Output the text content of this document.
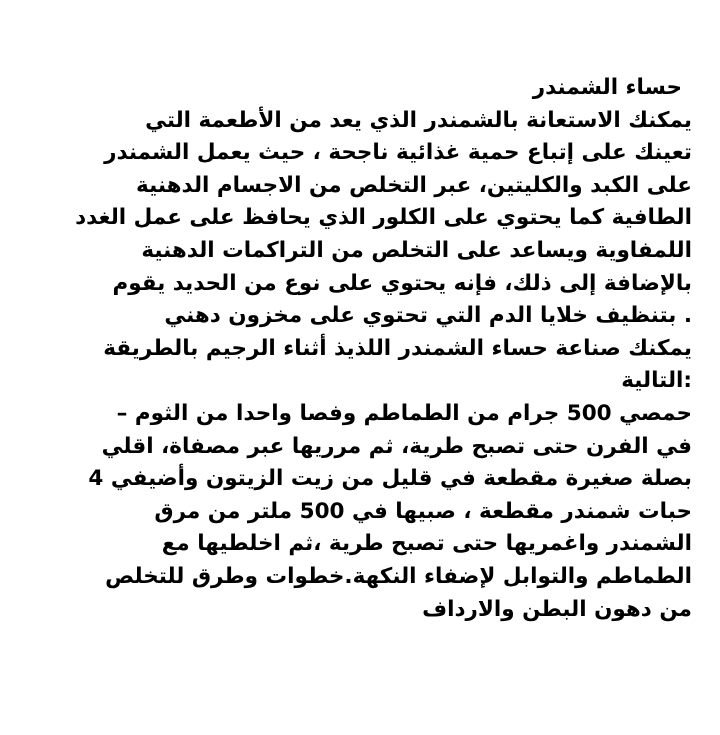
حساء الشمندر
يمكنك الاستعانة بالشمندر الذي يعد من الأطعمة التي
تعينك على إتباع حمية غذائية ناجحة ، حيث يعمل الشمندر
على الكبد والكليتين، عبر التخلص من الاجسام الدهنية
الطافية كما يحتوي على الكلور الذي يحافظ على عمل الغدد
اللمفاوية ويساعد على التخلص من التراكمات الدهنية
بالإضافة إلى ذلك، فإنه يحتوي على نوع من الحديد يقوم
. بتنظيف خلايا الدم التي تحتوي على مخزون دهني
يمكنك صناعة حساء الشمندر اللذيذ أثناء الرجيم بالطريقة
:التالية
حمصي 500 جرام من الطماطم وفصا واحدا من الثوم –
في الفرن حتى تصبح طرية، ثم مرريها عبر مصفاة، اقلي
بصلة صغيرة مقطعة في قليل من زيت الزيتون وأضيفي 4
حبات شمندر مقطعة ، صبيها في 500 ملتر من مرق
الشمندر واغمريها حتى تصبح طرية ،ثم اخلطيها مع
الطماطم والتوابل لإضفاء النكهة.خطوات وطرق للتخلص
من دهون البطن والارداف
